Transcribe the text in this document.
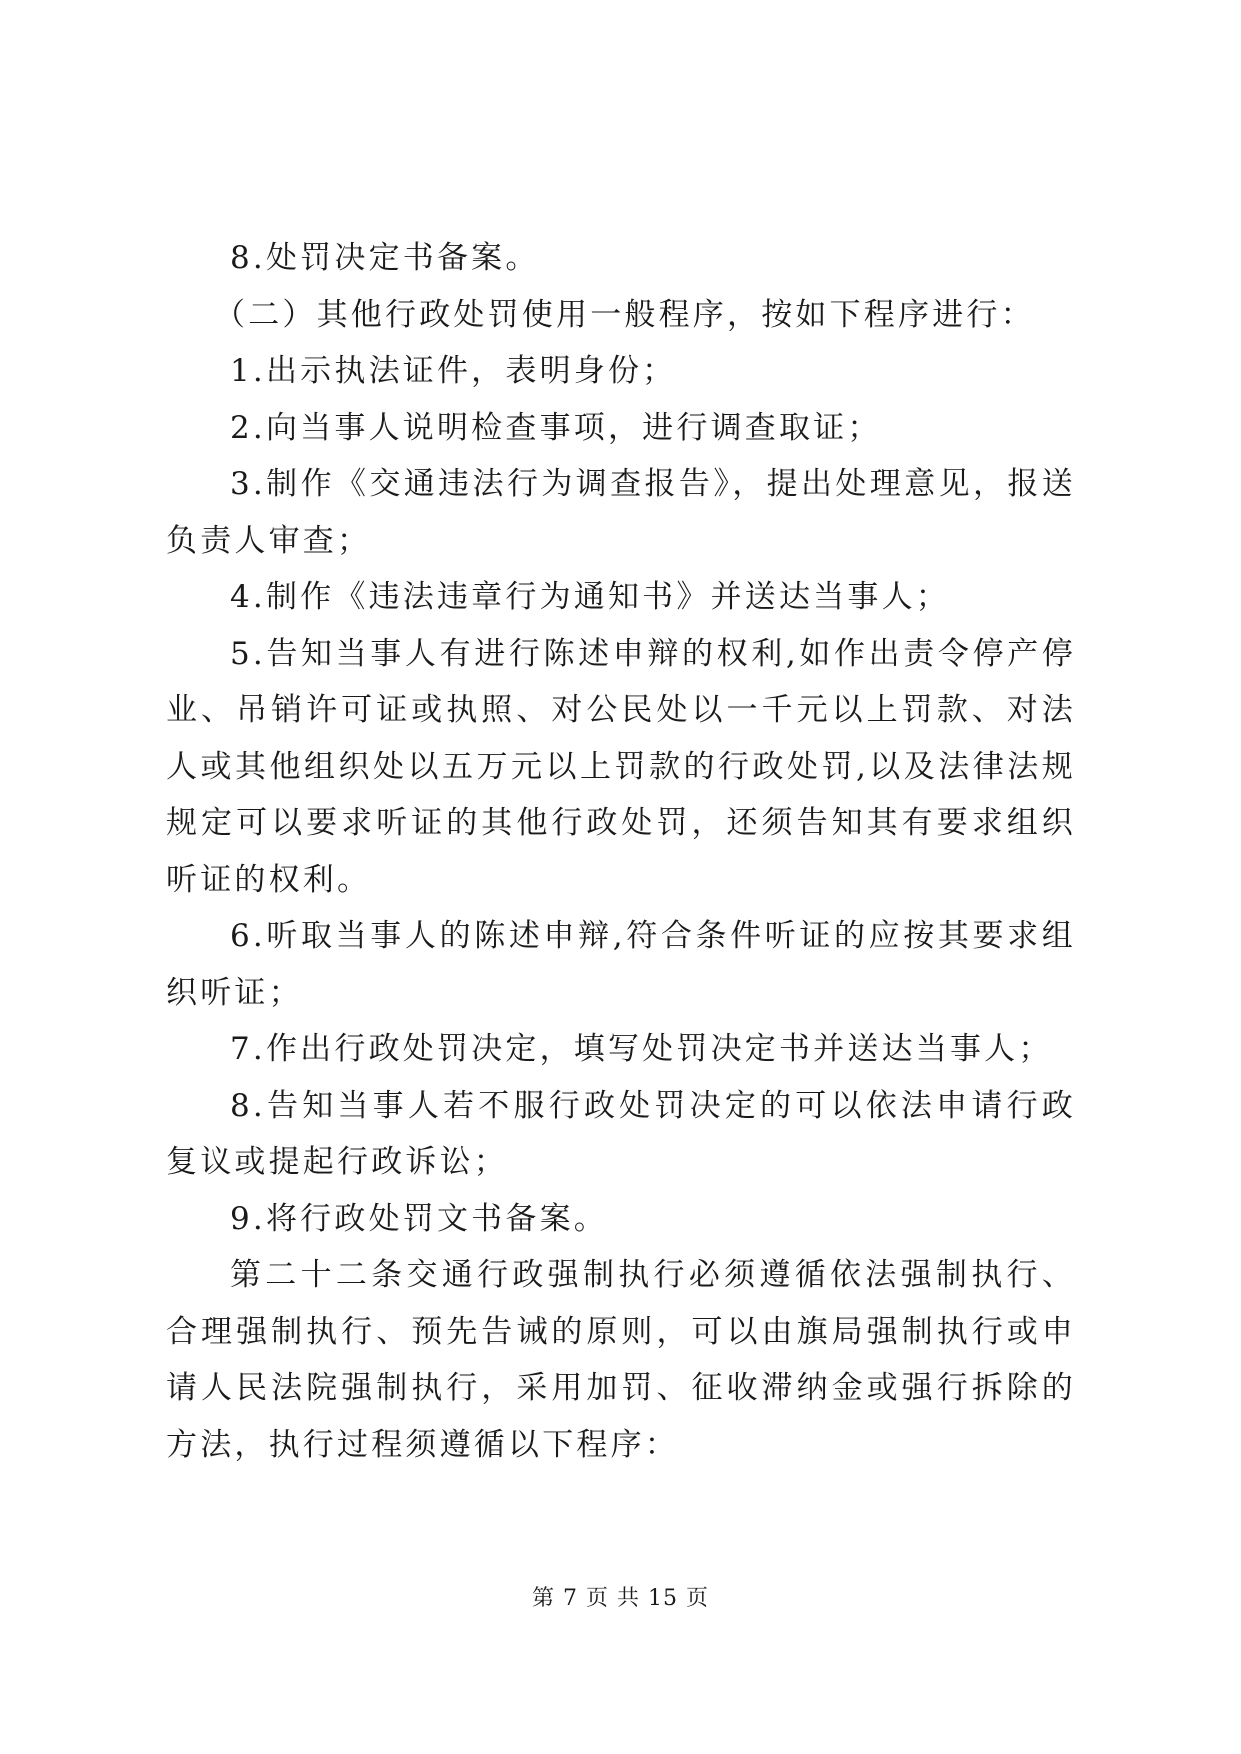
8.处罚决定书备案。

（二）其他行政处罚使用一般程序，按如下程序进行：

1.出示执法证件，表明身份；

2.向当事人说明检查事项，进行调查取证；

3.制作《交通违法行为调查报告》，提出处理意见，报送负责人审查；

4.制作《违法违章行为通知书》并送达当事人；

5.告知当事人有进行陈述申辩的权利,如作出责令停产停业、吊销许可证或执照、对公民处以一千元以上罚款、对法人或其他组织处以五万元以上罚款的行政处罚,以及法律法规规定可以要求听证的其他行政处罚，还须告知其有要求组织听证的权利。

6.听取当事人的陈述申辩,符合条件听证的应按其要求组织听证；

7.作出行政处罚决定，填写处罚决定书并送达当事人；

8.告知当事人若不服行政处罚决定的可以依法申请行政复议或提起行政诉讼；

9.将行政处罚文书备案。

第二十二条交通行政强制执行必须遵循依法强制执行、合理强制执行、预先告诫的原则，可以由旗局强制执行或申请人民法院强制执行，采用加罚、征收滞纳金或强行拆除的方法，执行过程须遵循以下程序：

第 7 页 共 15 页
